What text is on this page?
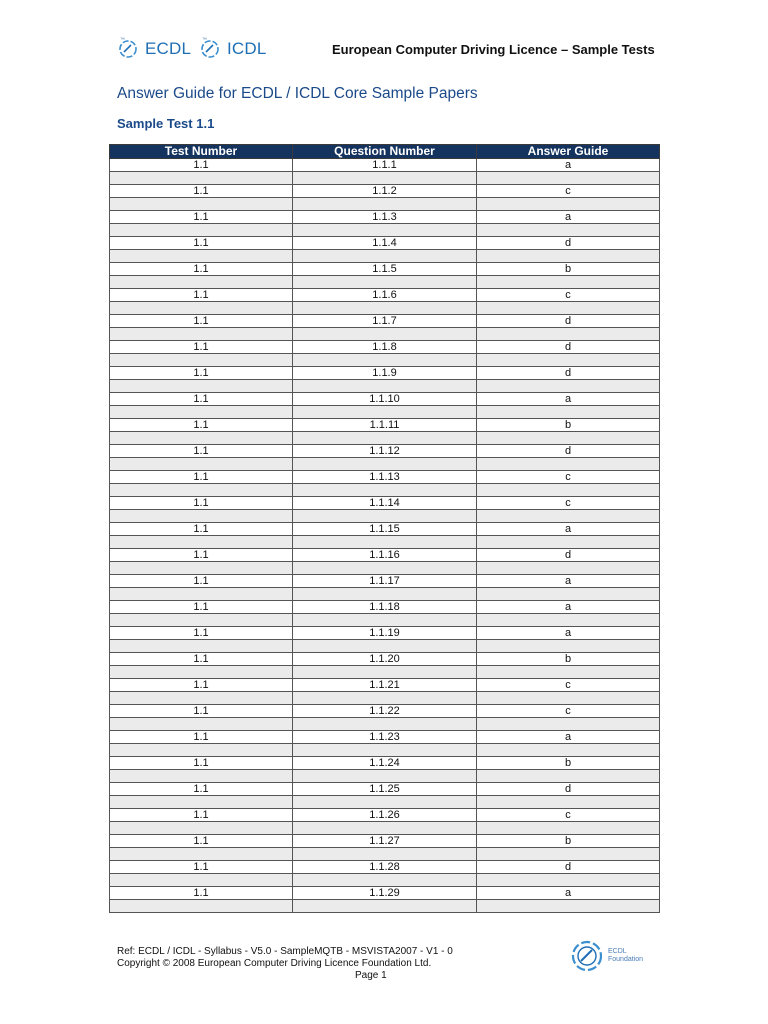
™ ECDL ™ ICDL	European Computer Driving Licence – Sample Tests
Answer Guide for ECDL / ICDL Core Sample Papers
Sample Test 1.1
Test Number	Question Number	Answer Guide
1.1	1.1.1	a

1.1	1.1.2	c

1.1	1.1.3	a

1.1	1.1.4	d

1.1	1.1.5	b

1.1	1.1.6	c

1.1	1.1.7	d

1.1	1.1.8	d

1.1	1.1.9	d

1.1	1.1.10	a

1.1	1.1.11	b

1.1	1.1.12	d

1.1	1.1.13	c

1.1	1.1.14	c

1.1	1.1.15	a

1.1	1.1.16	d

1.1	1.1.17	a

1.1	1.1.18	a

1.1	1.1.19	a

1.1	1.1.20	b

1.1	1.1.21	c

1.1	1.1.22	c

1.1	1.1.23	a

1.1	1.1.24	b

1.1	1.1.25	d

1.1	1.1.26	c

1.1	1.1.27	b

1.1	1.1.28	d

1.1	1.1.29	a

Ref: ECDL / ICDL - Syllabus - V5.0 - SampleMQTB - MSVISTA2007 - V1 - 0
Copyright © 2008 European Computer Driving Licence Foundation Ltd.
Page 1
ECDL
Foundation
